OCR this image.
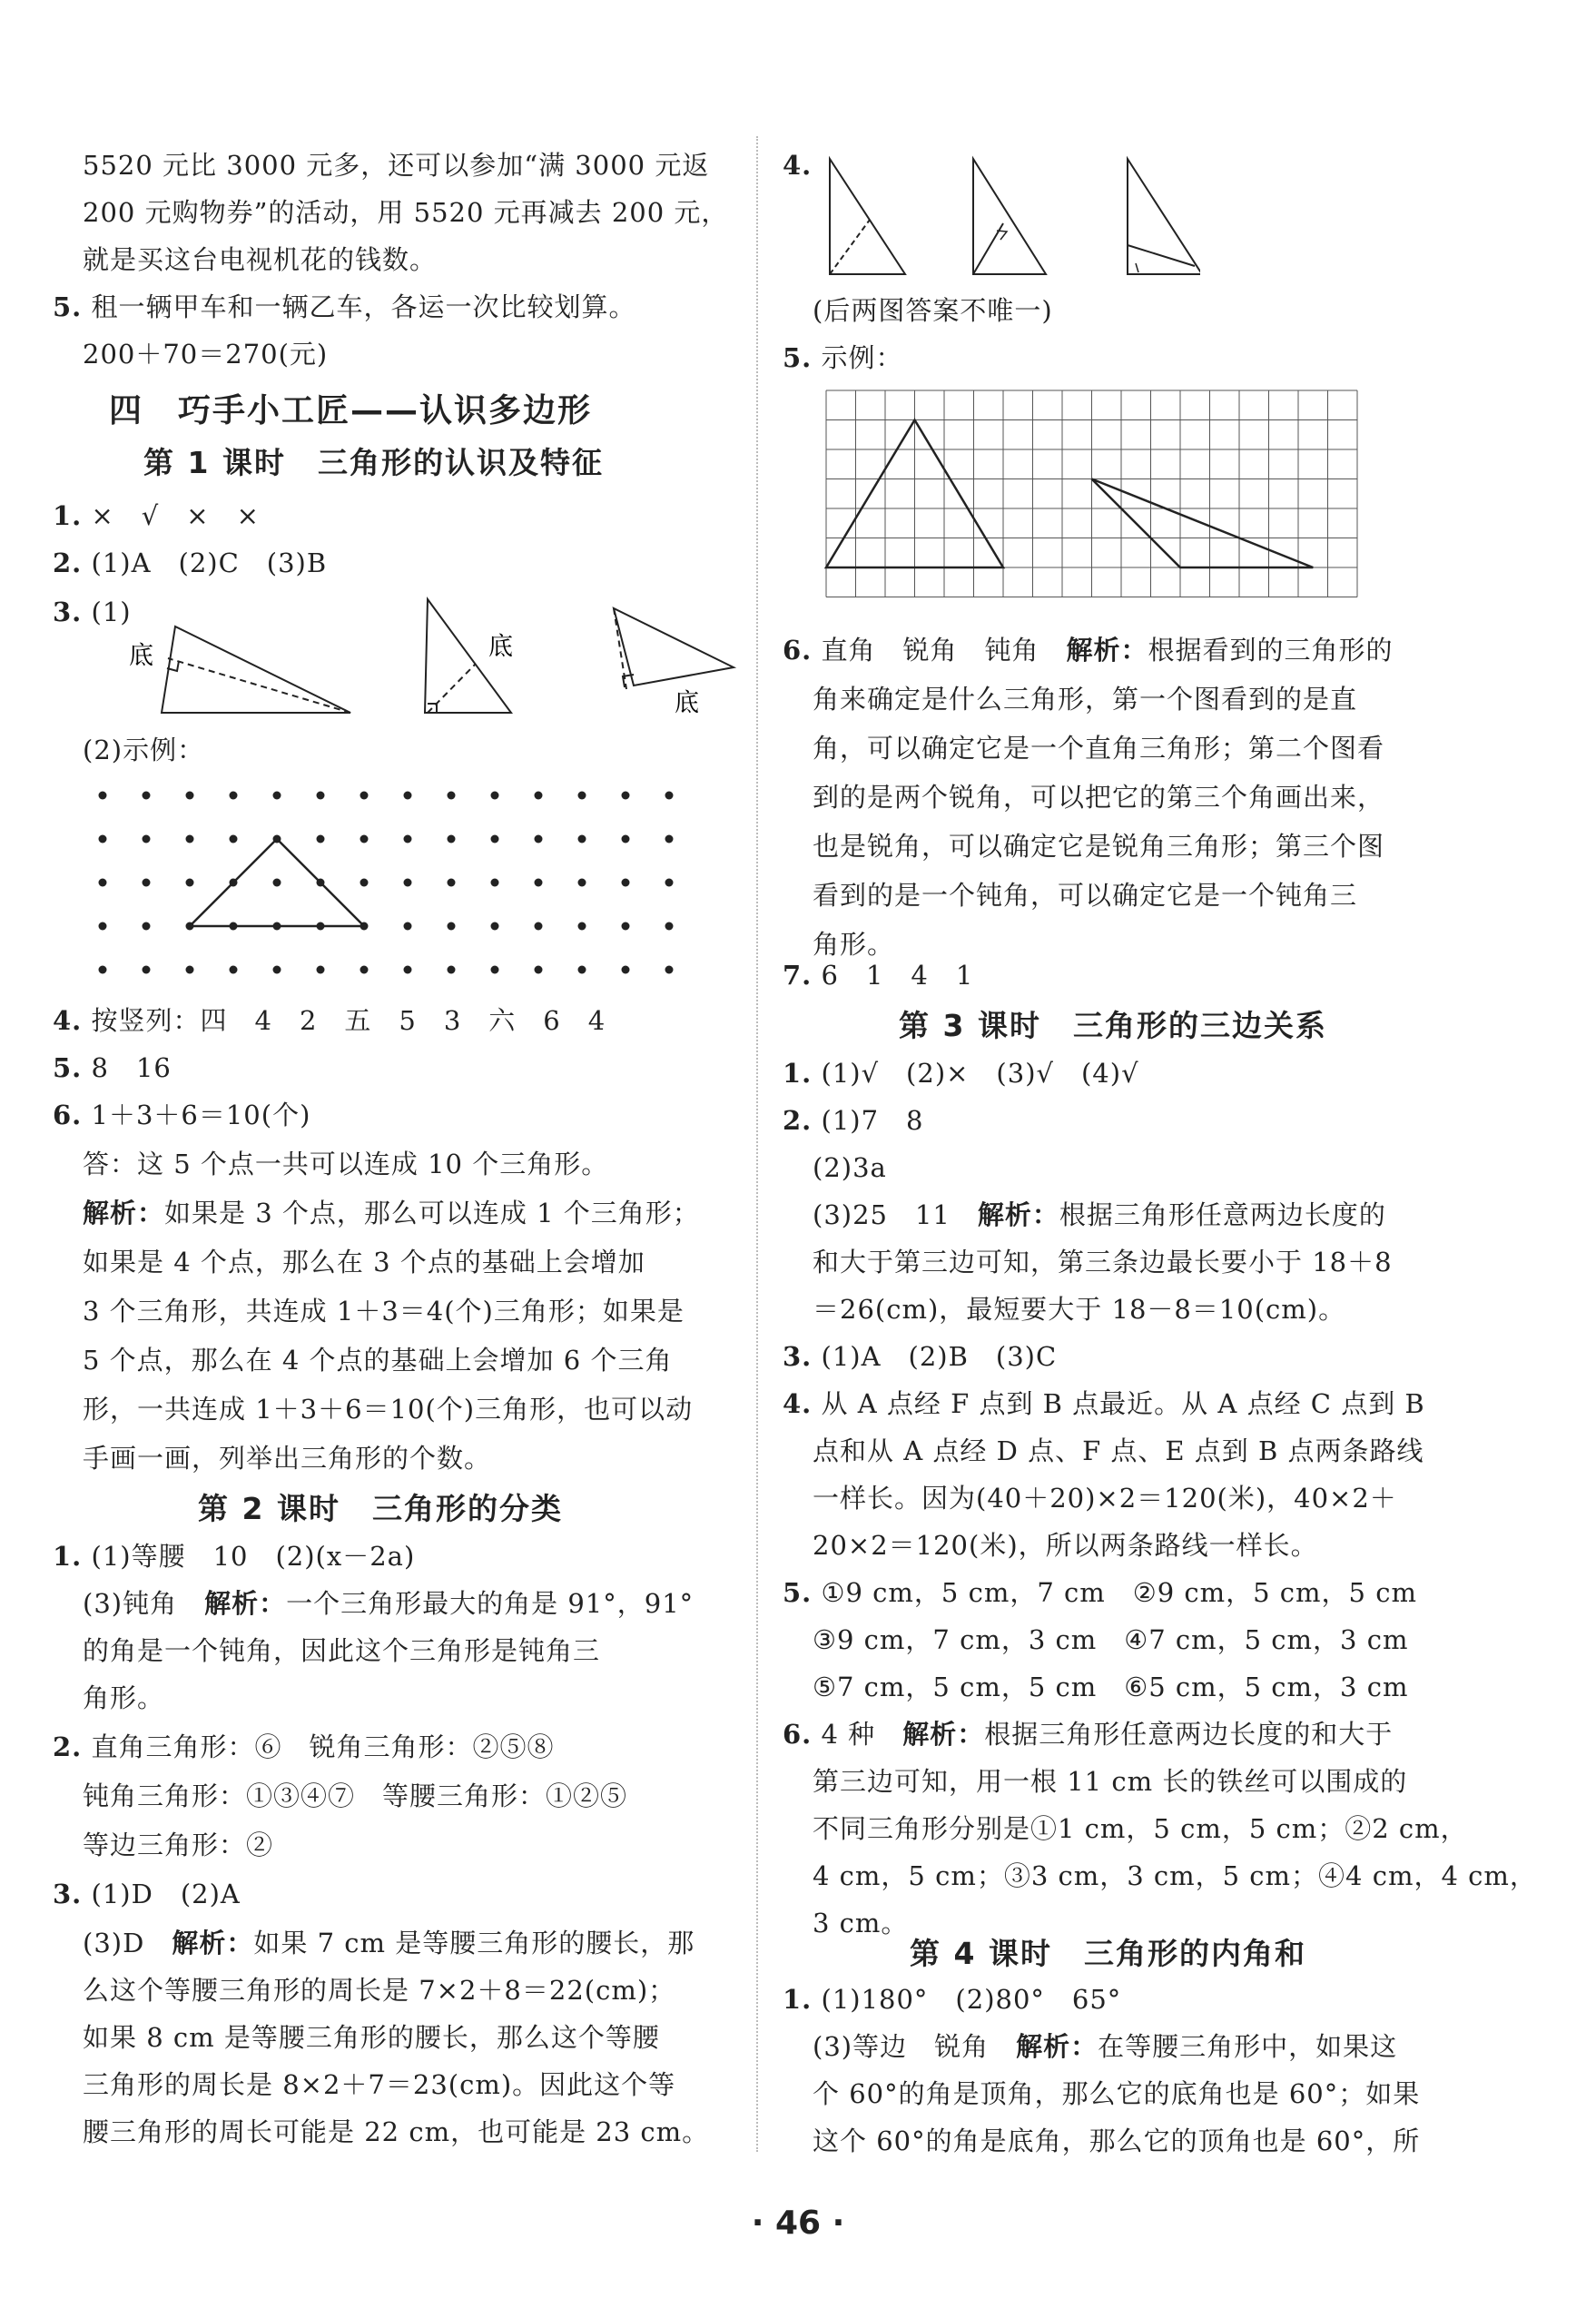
5520 元比 3000 元多，还可以参加“满 3000 元返
200 元购物券”的活动，用 5520 元再减去 200 元，
就是买这台电视机花的钱数。
5. 租一辆甲车和一辆乙车，各运一次比较划算。
200＋70＝270(元)
四　巧手小工匠——认识多边形
第 1 课时　三角形的认识及特征
1. ×　√　×　×
2. (1)A　(2)C　(3)B
3. (1)
底	底
底
(2)示例：
4. 按竖列：四　4　2　五　5　3　六　6　4
5. 8　16
6. 1＋3＋6＝10(个)
答：这 5 个点一共可以连成 10 个三角形。
解析：如果是 3 个点，那么可以连成 1 个三角形；
如果是 4 个点，那么在 3 个点的基础上会增加
3 个三角形，共连成 1＋3＝4(个)三角形；如果是
5 个点，那么在 4 个点的基础上会增加 6 个三角
形，一共连成 1＋3＋6＝10(个)三角形，也可以动
手画一画，列举出三角形的个数。
第 2 课时　三角形的分类
1. (1)等腰　10　(2)(x－2a)
(3)钝角　 解析：一个三角形最大的角是 91°，91°
的角是一个钝角，因此这个三角形是钝角三
角形。
2. 直角三角形：⑥　锐角三角形：②⑤⑧
钝角三角形：①③④⑦　等腰三角形：①②⑤
等边三角形：②
3. (1)D　(2)A
(3)D　 解析：如果 7 cm 是等腰三角形的腰长，那
么这个等腰三角形的周长是 7×2＋8＝22(cm)；
如果 8 cm 是等腰三角形的腰长，那么这个等腰
三角形的周长是 8×2＋7＝23(cm)。因此这个等
腰三角形的周长可能是 22 cm，也可能是 23 cm。
4.
(后两图答案不唯一)
5. 示例：
6. 直角　锐角　钝角　 解析：根据看到的三角形的
角来确定是什么三角形，第一个图看到的是直
角，可以确定它是一个直角三角形；第二个图看
到的是两个锐角，可以把它的第三个角画出来，
也是锐角，可以确定它是锐角三角形；第三个图
看到的是一个钝角，可以确定它是一个钝角三
角形。
7. 6　1　4　1
第 3 课时　三角形的三边关系
1. (1)√　(2)×　(3)√　(4)√
2. (1)7　8
(2)3a
(3)25　11　 解析：根据三角形任意两边长度的
和大于第三边可知，第三条边最长要小于 18＋8
＝26(cm)，最短要大于 18－8＝10(cm)。
3. (1)A　(2)B　(3)C
4. 从 A 点经 F 点到 B 点最近。从 A 点经 C 点到 B
点和从 A 点经 D 点、F 点、E 点到 B 点两条路线
一样长。因为(40＋20)×2＝120(米)，40×2＋
20×2＝120(米)，所以两条路线一样长。
5. ①9 cm，5 cm，7 cm　②9 cm，5 cm，5 cm
③9 cm，7 cm，3 cm　④7 cm，5 cm，3 cm
⑤7 cm，5 cm，5 cm　⑥5 cm，5 cm，3 cm
6. 4 种　 解析：根据三角形任意两边长度的和大于
第三边可知，用一根 11 cm 长的铁丝可以围成的
不同三角形分别是①1 cm，5 cm，5 cm；②2 cm，
4 cm，5 cm；③3 cm，3 cm，5 cm；④4 cm，4 cm，
3 cm。
第 4 课时　三角形的内角和
1. (1)180°　(2)80°　65°
(3)等边　锐角　 解析：在等腰三角形中，如果这
个 60°的角是顶角，那么它的底角也是 60°；如果
这个 60°的角是底角，那么它的顶角也是 60°，所
· 46 ·
